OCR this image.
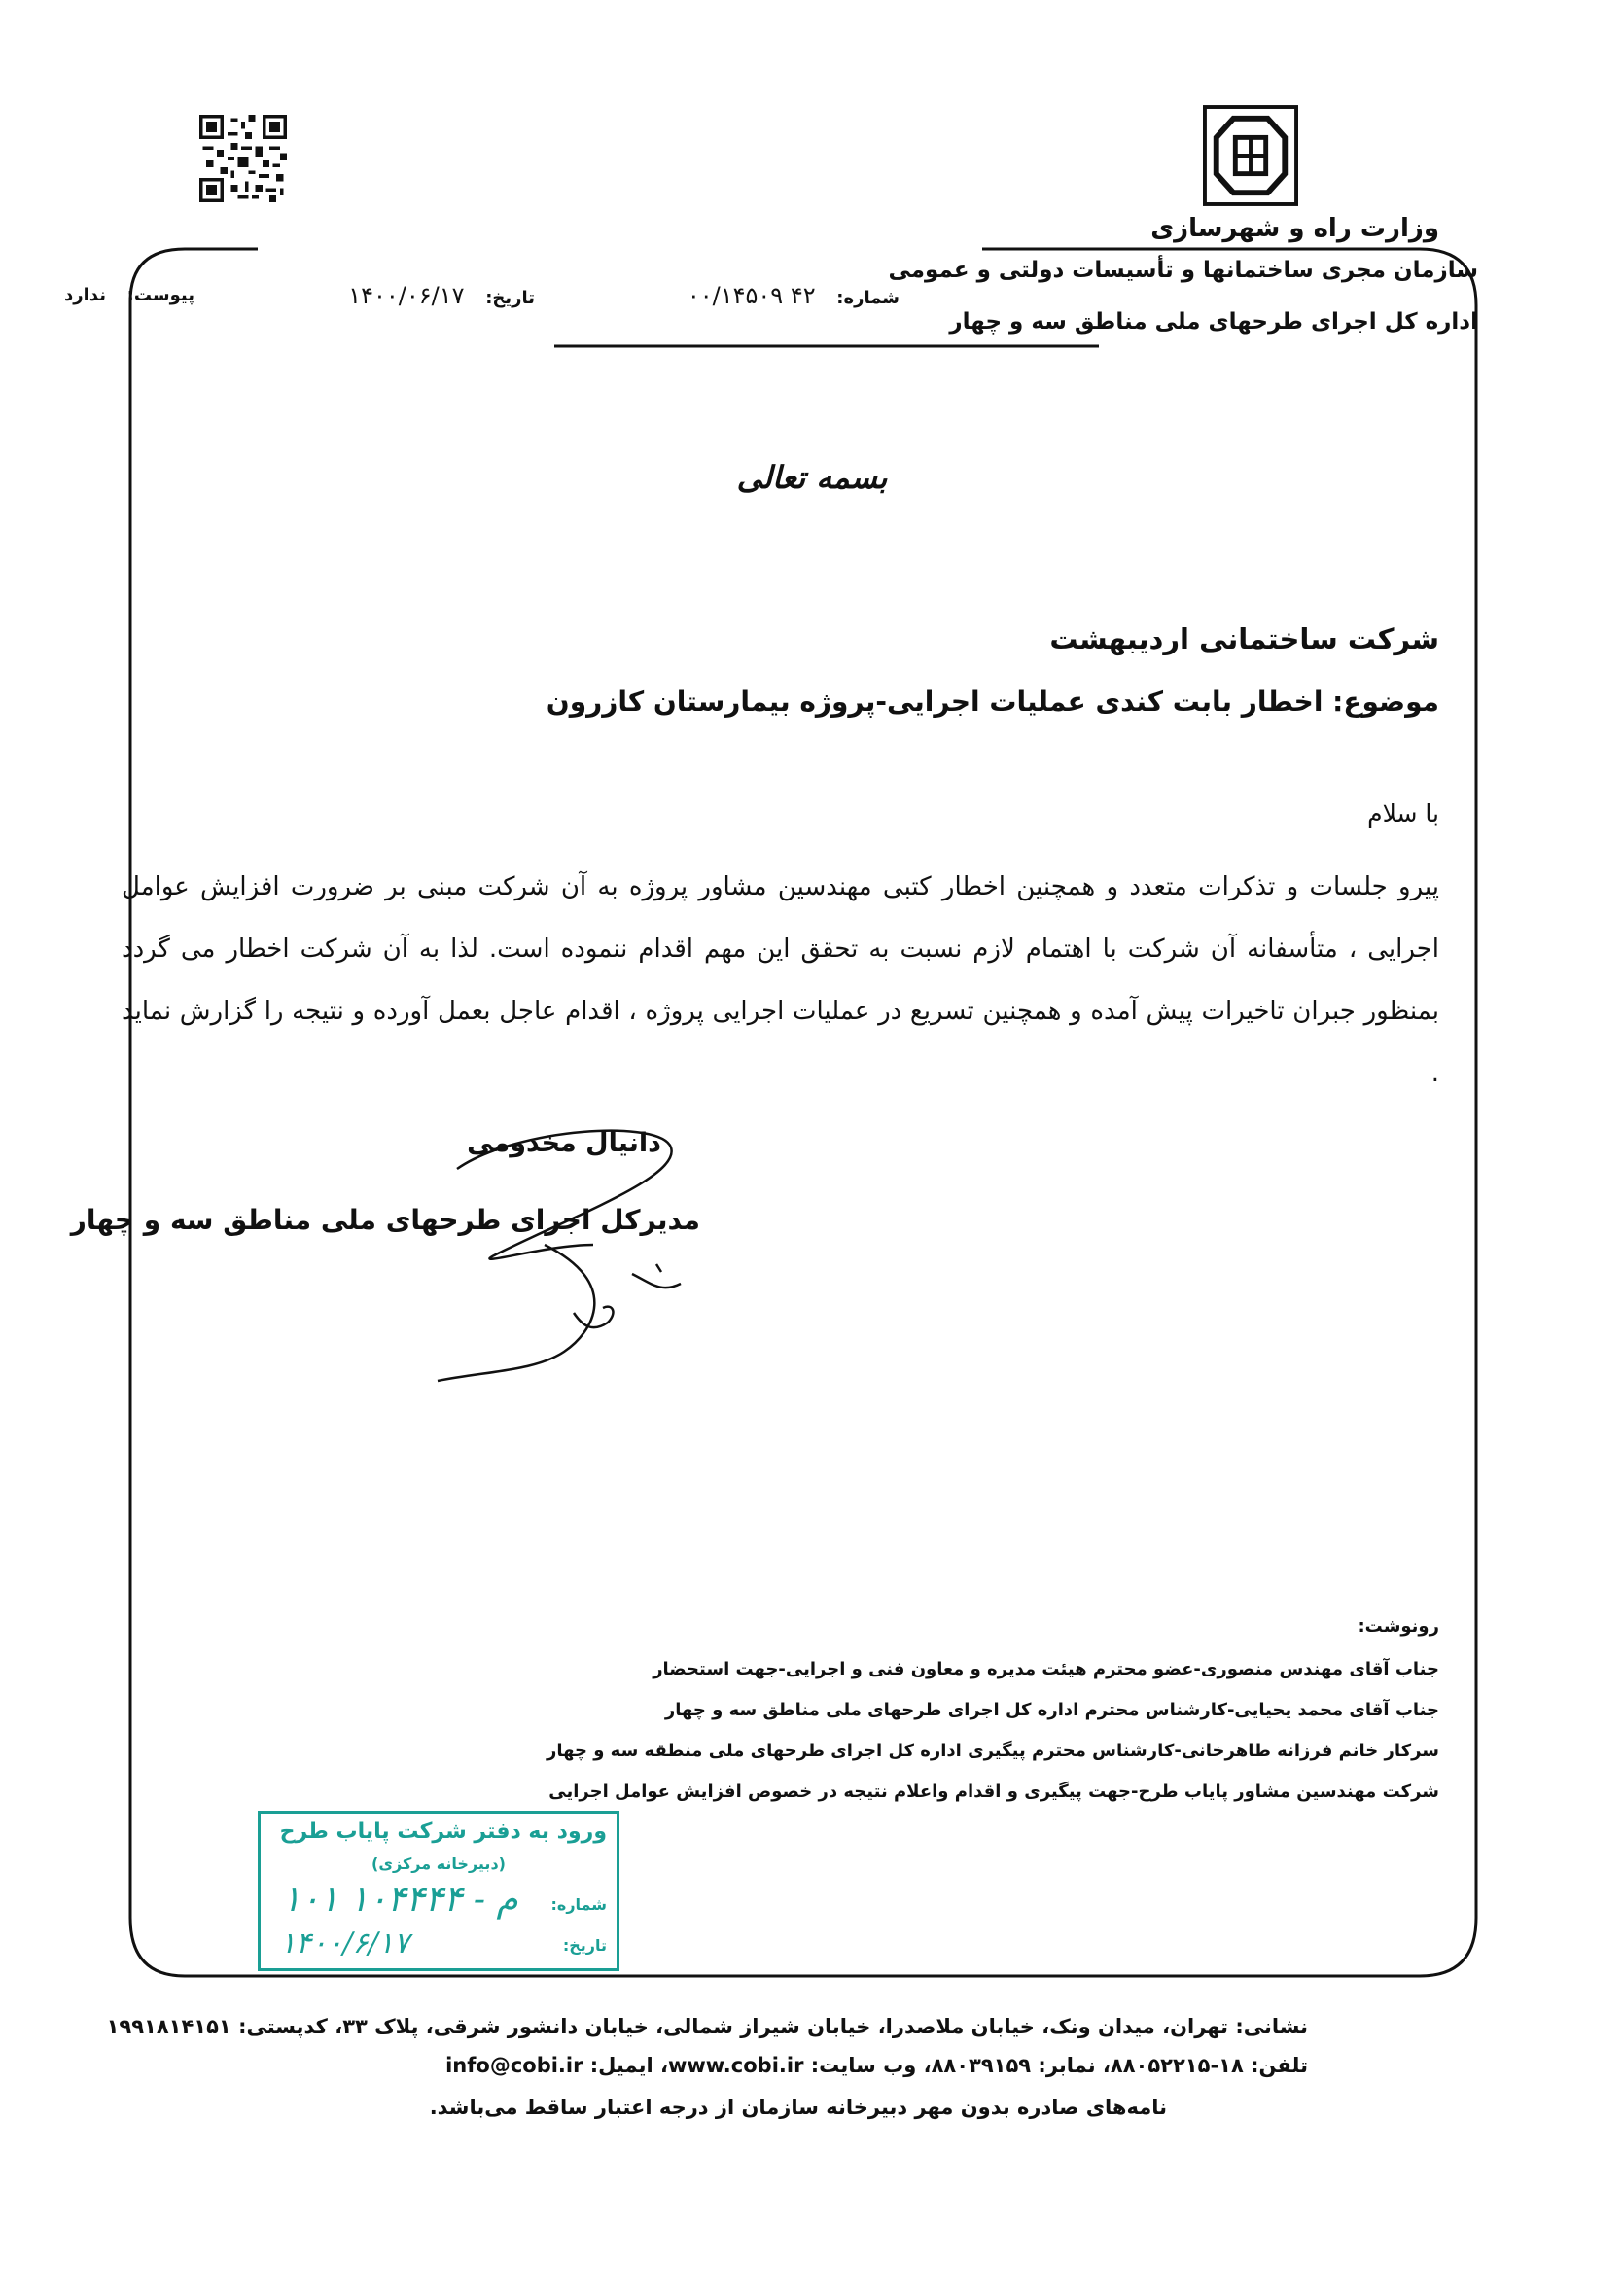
وزارت راه و شهرسازی
سازمان مجری ساختمانها و تأسیسات دولتی و عمومی
اداره کل اجرای طرحهای ملی مناطق سه و چهار
شماره: ۴۲ ۰۰/۱۴۵۰۹
تاریخ: ۱۴۰۰/۰۶/۱۷
پیوست: ندارد
بسمه تعالی
شرکت ساختمانی اردیبهشت
موضوع: اخطار بابت کندی عملیات اجرایی-پروژه بیمارستان کازرون
با سلام
پیرو جلسات و تذکرات متعدد و همچنین اخطار کتبی مهندسین مشاور پروژه به آن شرکت مبنی بر ضرورت افزایش عوامل اجرایی ، متأسفانه آن شرکت با اهتمام لازم نسبت به تحقق این مهم اقدام ننموده است. لذا به آن شرکت اخطار می گردد بمنظور جبران تاخیرات پیش آمده و همچنین تسریع در عملیات اجرایی پروژه ، اقدام عاجل بعمل آورده و نتیجه را گزارش نماید .
دانیال مخدومی
مدیرکل اجرای طرحهای ملی مناطق سه و چهار
رونوشت:
جناب آقای مهندس منصوری-عضو محترم هیئت مدیره و معاون فنی و اجرایی-جهت استحضار
جناب آقای محمد یحیایی-کارشناس محترم اداره کل اجرای طرحهای ملی مناطق سه و چهار
سرکار خانم فرزانه طاهرخانی-کارشناس محترم پیگیری اداره کل اجرای طرحهای ملی منطقه سه و چهار
شرکت مهندسین مشاور پایاب طرح-جهت پیگیری و اقدام واعلام نتیجه در خصوص افزایش عوامل اجرایی
ورود به دفتر شرکت پایاب طرح
(دبیرخانه مرکزی)
شماره:
تاریخ:
۱۰۱ م - ۱۰۴۴۴۴
۱۴۰۰/۶/۱۷
نشانی: تهران، میدان ونک، خیابان ملاصدرا، خیابان شیراز شمالی، خیابان دانشور شرقی، پلاک ۳۳، کدپستی: ۱۹۹۱۸۱۴۱۵۱
تلفن: ۱۸-۸۸۰۵۲۲۱۵، نمابر: ۸۸۰۳۹۱۵۹، وب سایت: www.cobi.ir، ایمیل: info@cobi.ir
نامه‌های صادره بدون مهر دبیرخانه سازمان از درجه اعتبار ساقط می‌باشد.
